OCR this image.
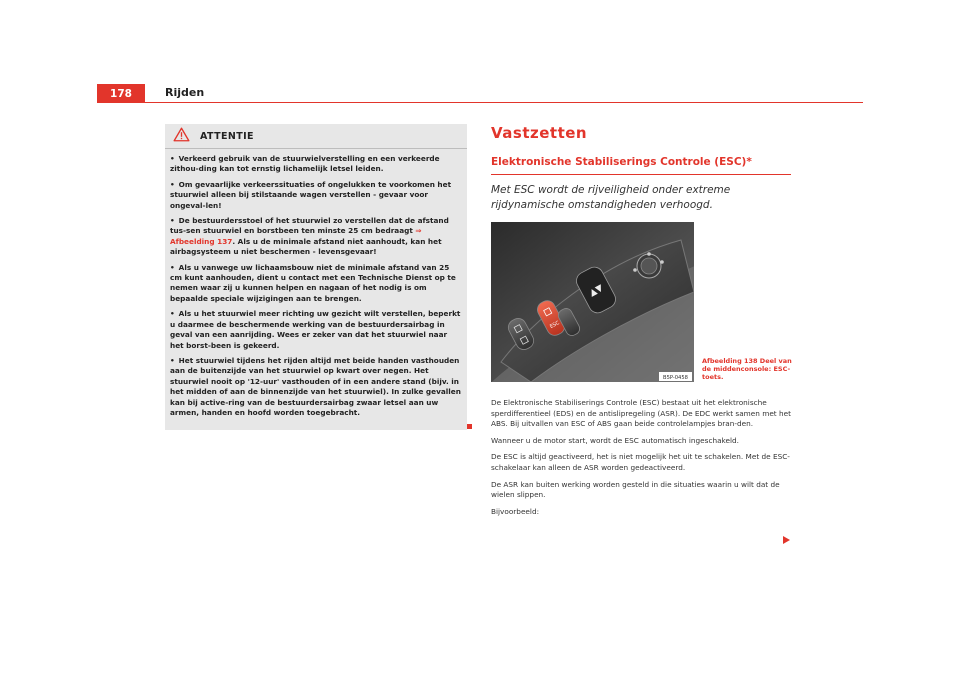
178	Rijden
ATTENTIE
• Verkeerd gebruik van de stuurwielverstelling en een verkeerde zithou-ding kan tot ernstig lichamelijk letsel leiden.
• Om gevaarlijke verkeerssituaties of ongelukken te voorkomen het stuurwiel alleen bij stilstaande wagen verstellen - gevaar voor ongeval-len!
• De bestuurdersstoel of het stuurwiel zo verstellen dat de afstand tus-sen stuurwiel en borstbeen ten minste 25 cm bedraagt ⇒ Afbeelding 137. Als u de minimale afstand niet aanhoudt, kan het airbagsysteem u niet beschermen - levensgevaar!
• Als u vanwege uw lichaamsbouw niet de minimale afstand van 25 cm kunt aanhouden, dient u contact met een Technische Dienst op te nemen waar zij u kunnen helpen en nagaan of het nodig is om bepaalde speciale wijzigingen aan te brengen.
• Als u het stuurwiel meer richting uw gezicht wilt verstellen, beperkt u daarmee de beschermende werking van de bestuurdersairbag in geval van een aanrijding. Wees er zeker van dat het stuurwiel naar het borst-been is gekeerd.
• Het stuurwiel tijdens het rijden altijd met beide handen vasthouden aan de buitenzijde van het stuurwiel op kwart over negen. Het stuurwiel nooit op '12-uur' vasthouden of in een andere stand (bijv. in het midden of aan de binnenzijde van het stuurwiel). In zulke gevallen kan bij active-ring van de bestuurdersairbag zwaar letsel aan uw armen, handen en hoofd worden toegebracht.
Vastzetten
Elektronische Stabiliserings Controle (ESC)*
Met ESC wordt de rijveiligheid onder extreme rijdynamische omstandigheden verhoogd.
ESC
▲▼
B5P-0458
Afbeelding 138 Deel van de middenconsole: ESC-toets.

De Elektronische Stabiliserings Controle (ESC) bestaat uit het elektronische sperdifferentieel (EDS) en de antislipregeling (ASR). De EDC werkt samen met het ABS. Bij uitvallen van ESC of ABS gaan beide controlelampjes bran-den.

Wanneer u de motor start, wordt de ESC automatisch ingeschakeld.

De ESC is altijd geactiveerd, het is niet mogelijk het uit te schakelen. Met de ESC-schakelaar kan alleen de ASR worden gedeactiveerd.

De ASR kan buiten werking worden gesteld in die situaties waarin u wilt dat de wielen slippen.

Bijvoorbeeld:
